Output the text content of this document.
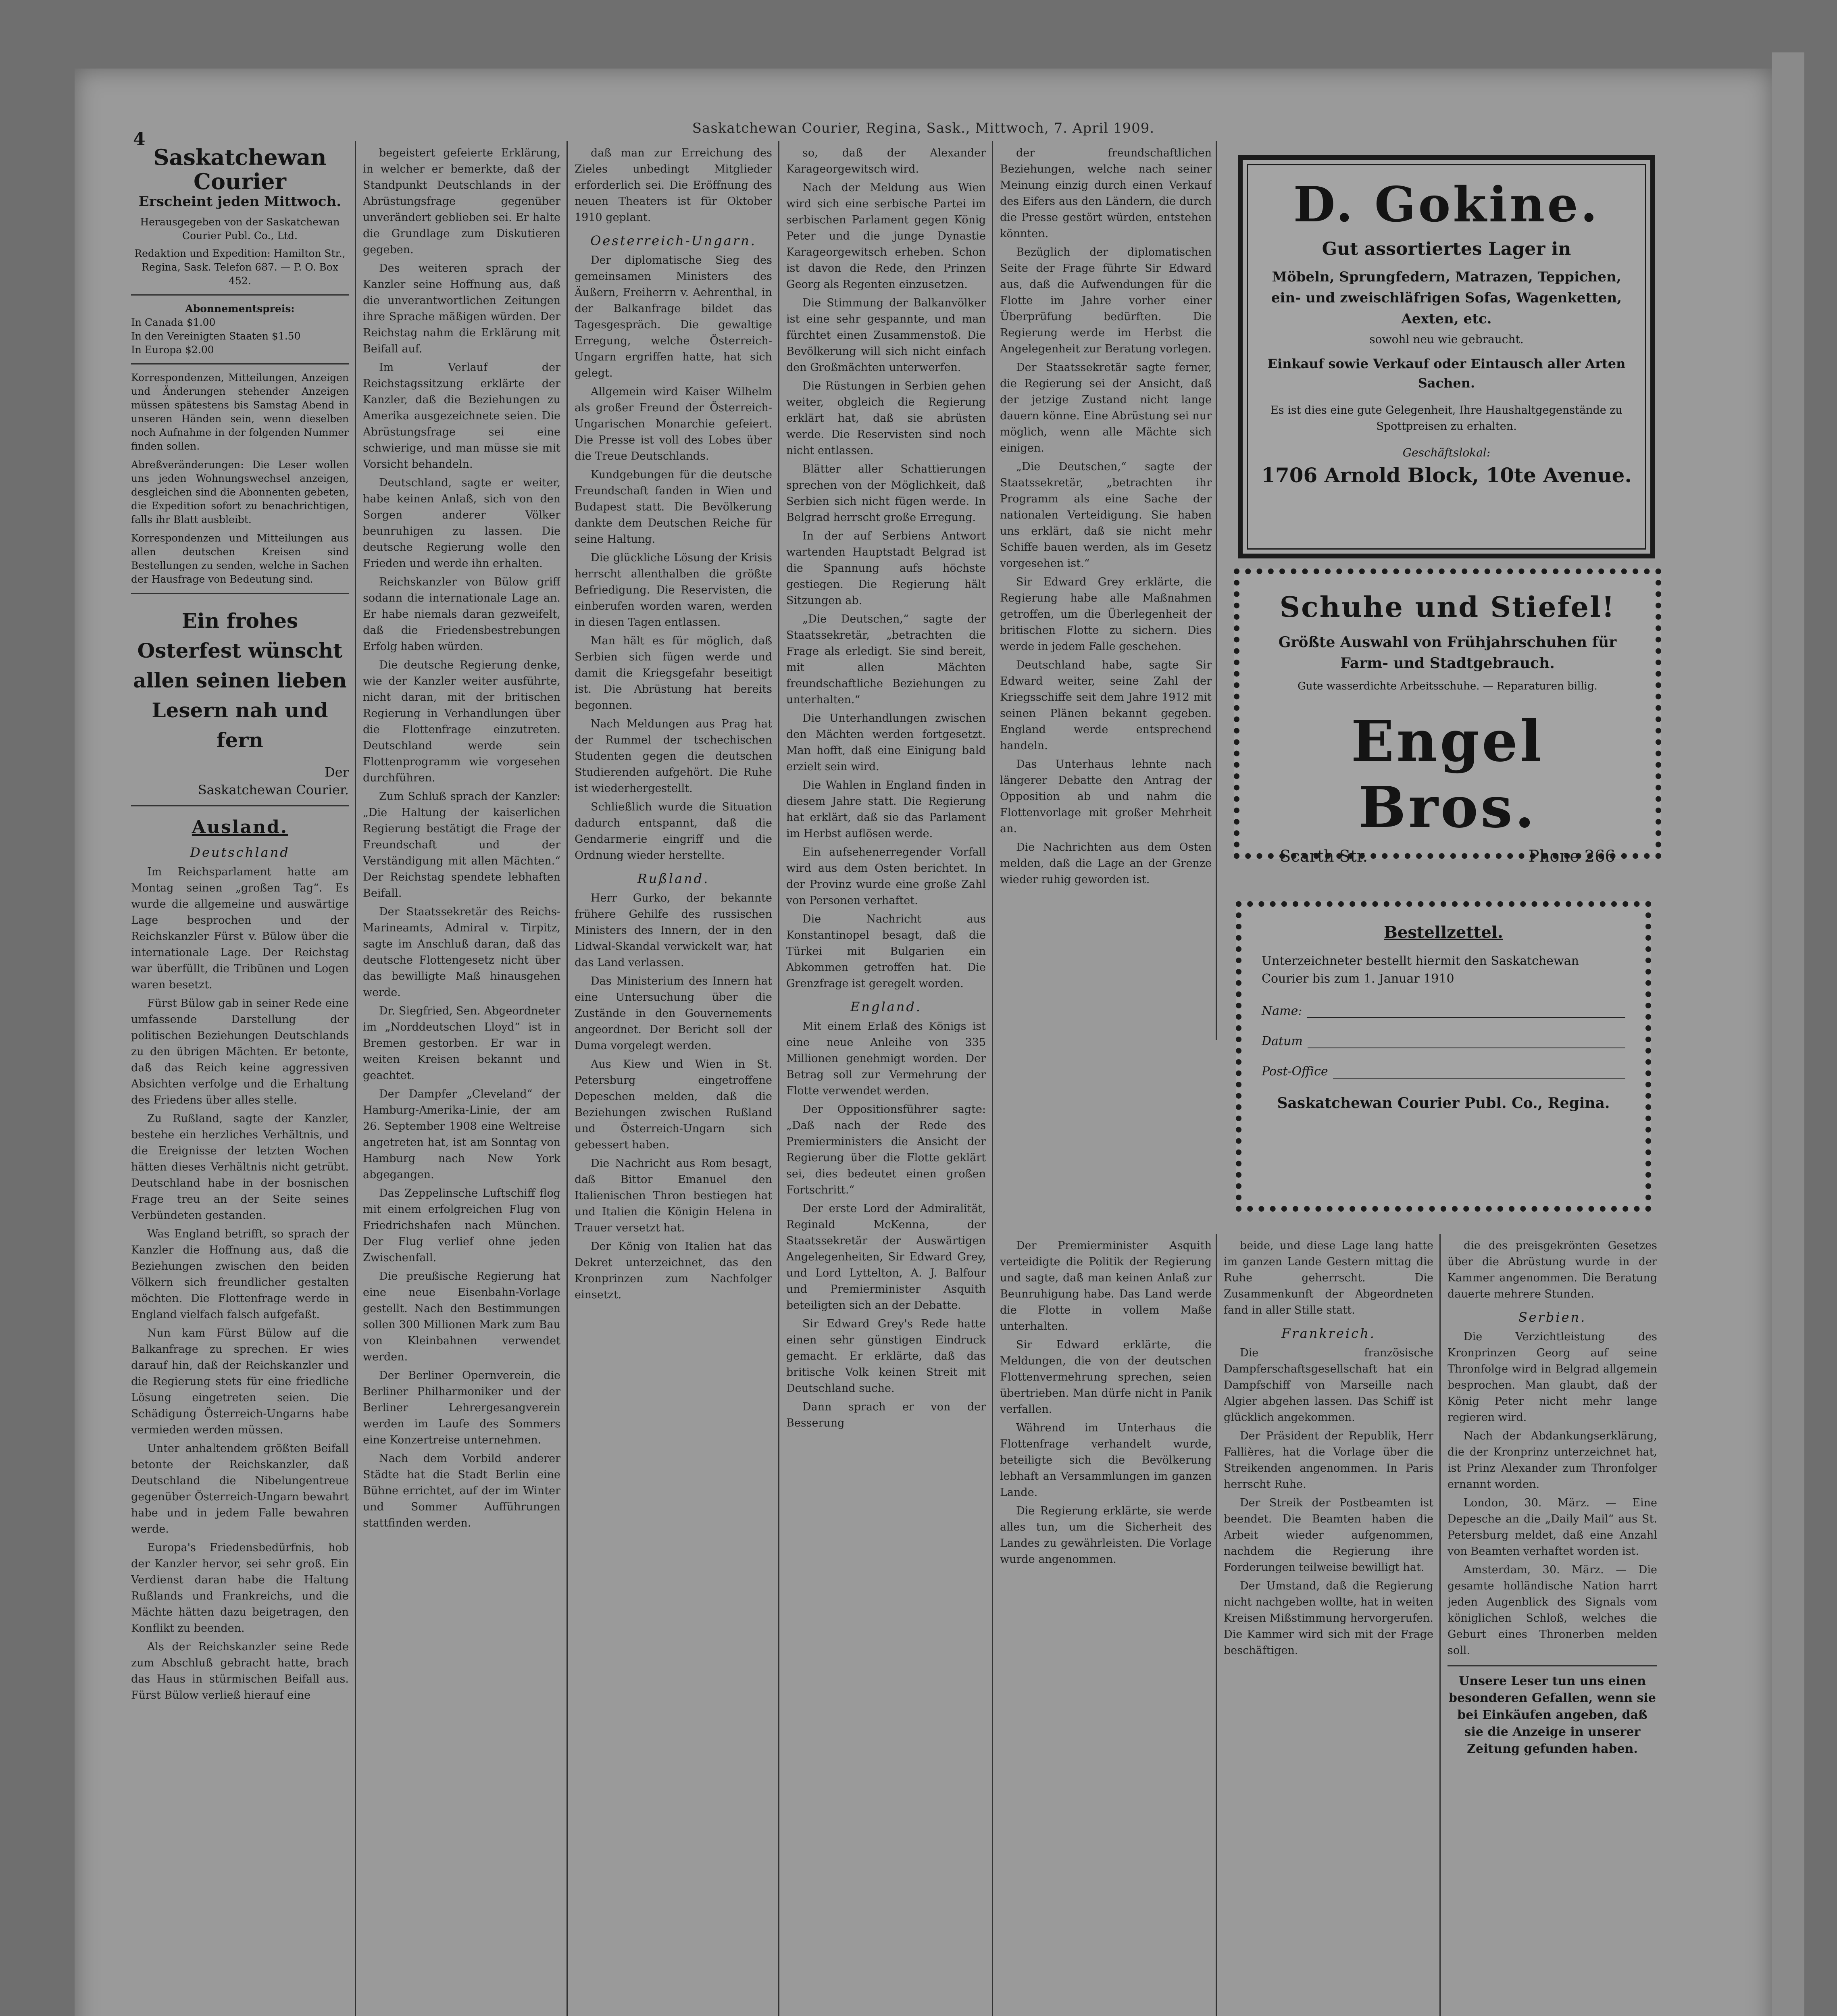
Saskatchewan Courier, Regina, Sask., Mittwoch, 7. April 1909.
4
Saskatchewan Courier
Erscheint jeden Mittwoch.
Herausgegeben von der Saskatchewan Courier Publ. Co., Ltd.
Redaktion und Expedition: Hamilton Str., Regina, Sask. Telefon 687. — P. O. Box 452.
Abonnementspreis:
In Canada $1.00
In den Vereinigten Staaten $1.50
In Europa $2.00
Korrespondenzen, Mitteilungen, Anzeigen und Änderungen stehender Anzeigen müssen spätestens bis Samstag Abend in unseren Händen sein, wenn dieselben noch Aufnahme in der folgenden Nummer finden sollen.
Abreßveränderungen: Die Leser wollen uns jeden Wohnungswechsel anzeigen, desgleichen sind die Abonnenten gebeten, die Expedition sofort zu benachrichtigen, falls ihr Blatt ausbleibt.
Korrespondenzen und Mitteilungen aus allen deutschen Kreisen sind Bestellungen zu senden, welche in Sachen der Hausfrage von Bedeutung sind.
Ein frohes Osterfest wünscht allen seinen lieben Lesern nah und fern
Der
Saskatchewan Courier.
Ausland.
Deutschland

Im Reichsparlament hatte am Montag seinen „großen Tag“. Es wurde die allgemeine und auswärtige Lage besprochen und der Reichskanzler Fürst v. Bülow über die internationale Lage. Der Reichstag war überfüllt, die Tribünen und Logen waren besetzt.

Fürst Bülow gab in seiner Rede eine umfassende Darstellung der politischen Beziehungen Deutschlands zu den übrigen Mächten. Er betonte, daß das Reich keine aggressiven Absichten verfolge und die Erhaltung des Friedens über alles stelle.

Zu Rußland, sagte der Kanzler, bestehe ein herzliches Verhältnis, und die Ereignisse der letzten Wochen hätten dieses Verhältnis nicht getrübt. Deutschland habe in der bosnischen Frage treu an der Seite seines Verbündeten gestanden.

Was England betrifft, so sprach der Kanzler die Hoffnung aus, daß die Beziehungen zwischen den beiden Völkern sich freundlicher gestalten möchten. Die Flottenfrage werde in England vielfach falsch aufgefaßt.

Nun kam Fürst Bülow auf die Balkanfrage zu sprechen. Er wies darauf hin, daß der Reichskanzler und die Regierung stets für eine friedliche Lösung eingetreten seien. Die Schädigung Österreich-Ungarns habe vermieden werden müssen.

Unter anhaltendem größten Beifall betonte der Reichskanzler, daß Deutschland die Nibelungentreue gegenüber Österreich-Ungarn bewahrt habe und in jedem Falle bewahren werde.

Europa's Friedensbedürfnis, hob der Kanzler hervor, sei sehr groß. Ein Verdienst daran habe die Haltung Rußlands und Frankreichs, und die Mächte hätten dazu beigetragen, den Konflikt zu beenden.

Als der Reichskanzler seine Rede zum Abschluß gebracht hatte, brach das Haus in stürmischen Beifall aus. Fürst Bülow verließ hierauf eine

begeistert gefeierte Erklärung, in welcher er bemerkte, daß der Standpunkt Deutschlands in der Abrüstungsfrage gegenüber unverändert geblieben sei. Er halte die Grundlage zum Diskutieren gegeben.

Des weiteren sprach der Kanzler seine Hoffnung aus, daß die unverantwortlichen Zeitungen ihre Sprache mäßigen würden. Der Reichstag nahm die Erklärung mit Beifall auf.

Im Verlauf der Reichstagssitzung erklärte der Kanzler, daß die Beziehungen zu Amerika ausgezeichnete seien. Die Abrüstungsfrage sei eine schwierige, und man müsse sie mit Vorsicht behandeln.

Deutschland, sagte er weiter, habe keinen Anlaß, sich von den Sorgen anderer Völker beunruhigen zu lassen. Die deutsche Regierung wolle den Frieden und werde ihn erhalten.

Reichskanzler von Bülow griff sodann die internationale Lage an. Er habe niemals daran gezweifelt, daß die Friedensbestrebungen Erfolg haben würden.

Die deutsche Regierung denke, wie der Kanzler weiter ausführte, nicht daran, mit der britischen Regierung in Verhandlungen über die Flottenfrage einzutreten. Deutschland werde sein Flottenprogramm wie vorgesehen durchführen.

Zum Schluß sprach der Kanzler: „Die Haltung der kaiserlichen Regierung bestätigt die Frage der Freundschaft und der Verständigung mit allen Mächten.“ Der Reichstag spendete lebhaften Beifall.

Der Staatssekretär des Reichs-Marineamts, Admiral v. Tirpitz, sagte im Anschluß daran, daß das deutsche Flottengesetz nicht über das bewilligte Maß hinausgehen werde.

Dr. Siegfried, Sen. Abgeordneter im „Norddeutschen Lloyd“ ist in Bremen gestorben. Er war in weiten Kreisen bekannt und geachtet.

Der Dampfer „Cleveland“ der Hamburg-Amerika-Linie, der am 26. September 1908 eine Weltreise angetreten hat, ist am Sonntag von Hamburg nach New York abgegangen.

Das Zeppelinsche Luftschiff flog mit einem erfolgreichen Flug von Friedrichshafen nach München. Der Flug verlief ohne jeden Zwischenfall.

Die preußische Regierung hat eine neue Eisenbahn-Vorlage gestellt. Nach den Bestimmungen sollen 300 Millionen Mark zum Bau von Kleinbahnen verwendet werden.

Der Berliner Opernverein, die Berliner Philharmoniker und der Berliner Lehrergesangverein werden im Laufe des Sommers eine Konzertreise unternehmen.

Nach dem Vorbild anderer Städte hat die Stadt Berlin eine Bühne errichtet, auf der im Winter und Sommer Aufführungen stattfinden werden.

daß man zur Erreichung des Zieles unbedingt Mitglieder erforderlich sei. Die Eröffnung des neuen Theaters ist für Oktober 1910 geplant.

Oesterreich-Ungarn.

Der diplomatische Sieg des gemeinsamen Ministers des Äußern, Freiherrn v. Aehrenthal, in der Balkanfrage bildet das Tagesgespräch. Die gewaltige Erregung, welche Österreich-Ungarn ergriffen hatte, hat sich gelegt.

Allgemein wird Kaiser Wilhelm als großer Freund der Österreich-Ungarischen Monarchie gefeiert. Die Presse ist voll des Lobes über die Treue Deutschlands.

Kundgebungen für die deutsche Freundschaft fanden in Wien und Budapest statt. Die Bevölkerung dankte dem Deutschen Reiche für seine Haltung.

Die glückliche Lösung der Krisis herrscht allenthalben die größte Befriedigung. Die Reservisten, die einberufen worden waren, werden in diesen Tagen entlassen.

Man hält es für möglich, daß Serbien sich fügen werde und damit die Kriegsgefahr beseitigt ist. Die Abrüstung hat bereits begonnen.

Nach Meldungen aus Prag hat der Rummel der tschechischen Studenten gegen die deutschen Studierenden aufgehört. Die Ruhe ist wiederhergestellt.

Schließlich wurde die Situation dadurch entspannt, daß die Gendarmerie eingriff und die Ordnung wieder herstellte.

Rußland.

Herr Gurko, der bekannte frühere Gehilfe des russischen Ministers des Innern, der in den Lidwal-Skandal verwickelt war, hat das Land verlassen.

Das Ministerium des Innern hat eine Untersuchung über die Zustände in den Gouvernements angeordnet. Der Bericht soll der Duma vorgelegt werden.

Aus Kiew und Wien in St. Petersburg eingetroffene Depeschen melden, daß die Beziehungen zwischen Rußland und Österreich-Ungarn sich gebessert haben.

Die Nachricht aus Rom besagt, daß Bittor Emanuel den Italienischen Thron bestiegen hat und Italien die Königin Helena in Trauer versetzt hat.

Der König von Italien hat das Dekret unterzeichnet, das den Kronprinzen zum Nachfolger einsetzt.

so, daß der Alexander Karageorgewitsch wird.

Nach der Meldung aus Wien wird sich eine serbische Partei im serbischen Parlament gegen König Peter und die junge Dynastie Karageorgewitsch erheben. Schon ist davon die Rede, den Prinzen Georg als Regenten einzusetzen.

Die Stimmung der Balkanvölker ist eine sehr gespannte, und man fürchtet einen Zusammenstoß. Die Bevölkerung will sich nicht einfach den Großmächten unterwerfen.

Die Rüstungen in Serbien gehen weiter, obgleich die Regierung erklärt hat, daß sie abrüsten werde. Die Reservisten sind noch nicht entlassen.

Blätter aller Schattierungen sprechen von der Möglichkeit, daß Serbien sich nicht fügen werde. In Belgrad herrscht große Erregung.

In der auf Serbiens Antwort wartenden Hauptstadt Belgrad ist die Spannung aufs höchste gestiegen. Die Regierung hält Sitzungen ab.

„Die Deutschen,“ sagte der Staatssekretär, „betrachten die Frage als erledigt. Sie sind bereit, mit allen Mächten freundschaftliche Beziehungen zu unterhalten.“

Die Unterhandlungen zwischen den Mächten werden fortgesetzt. Man hofft, daß eine Einigung bald erzielt sein wird.

Die Wahlen in England finden in diesem Jahre statt. Die Regierung hat erklärt, daß sie das Parlament im Herbst auflösen werde.

Ein aufsehenerregender Vorfall wird aus dem Osten berichtet. In der Provinz wurde eine große Zahl von Personen verhaftet.

Die Nachricht aus Konstantinopel besagt, daß die Türkei mit Bulgarien ein Abkommen getroffen hat. Die Grenzfrage ist geregelt worden.

England.

Mit einem Erlaß des Königs ist eine neue Anleihe von 335 Millionen genehmigt worden. Der Betrag soll zur Vermehrung der Flotte verwendet werden.

Der Oppositionsführer sagte: „Daß nach der Rede des Premierministers die Ansicht der Regierung über die Flotte geklärt sei, dies bedeutet einen großen Fortschritt.“

Der erste Lord der Admiralität, Reginald McKenna, der Staatssekretär der Auswärtigen Angelegenheiten, Sir Edward Grey, und Lord Lyttelton, A. J. Balfour und Premierminister Asquith beteiligten sich an der Debatte.

Sir Edward Grey's Rede hatte einen sehr günstigen Eindruck gemacht. Er erklärte, daß das britische Volk keinen Streit mit Deutschland suche.

Dann sprach er von der Besserung

der freundschaftlichen Beziehungen, welche nach seiner Meinung einzig durch einen Verkauf des Eifers aus den Ländern, die durch die Presse gestört würden, entstehen könnten.

Bezüglich der diplomatischen Seite der Frage führte Sir Edward aus, daß die Aufwendungen für die Flotte im Jahre vorher einer Überprüfung bedürften. Die Regierung werde im Herbst die Angelegenheit zur Beratung vorlegen.

Der Staatssekretär sagte ferner, die Regierung sei der Ansicht, daß der jetzige Zustand nicht lange dauern könne. Eine Abrüstung sei nur möglich, wenn alle Mächte sich einigen.

„Die Deutschen,“ sagte der Staatssekretär, „betrachten ihr Programm als eine Sache der nationalen Verteidigung. Sie haben uns erklärt, daß sie nicht mehr Schiffe bauen werden, als im Gesetz vorgesehen ist.“

Sir Edward Grey erklärte, die Regierung habe alle Maßnahmen getroffen, um die Überlegenheit der britischen Flotte zu sichern. Dies werde in jedem Falle geschehen.

Deutschland habe, sagte Sir Edward weiter, seine Zahl der Kriegsschiffe seit dem Jahre 1912 mit seinen Plänen bekannt gegeben. England werde entsprechend handeln.

Das Unterhaus lehnte nach längerer Debatte den Antrag der Opposition ab und nahm die Flottenvorlage mit großer Mehrheit an.

Die Nachrichten aus dem Osten melden, daß die Lage an der Grenze wieder ruhig geworden ist.

Der Premierminister Asquith verteidigte die Politik der Regierung und sagte, daß man keinen Anlaß zur Beunruhigung habe. Das Land werde die Flotte in vollem Maße unterhalten.

Sir Edward erklärte, die Meldungen, die von der deutschen Flottenvermehrung sprechen, seien übertrieben. Man dürfe nicht in Panik verfallen.

Während im Unterhaus die Flottenfrage verhandelt wurde, beteiligte sich die Bevölkerung lebhaft an Versammlungen im ganzen Lande.

Die Regierung erklärte, sie werde alles tun, um die Sicherheit des Landes zu gewährleisten. Die Vorlage wurde angenommen.

D. Gokine.
Gut assortiertes Lager in
Möbeln, Sprungfedern, Matrazen, Teppichen, ein- und zweischläfrigen Sofas, Wagenketten, Aexten, etc.
sowohl neu wie gebraucht.
Einkauf sowie Verkauf oder Eintausch aller Arten Sachen.
Es ist dies eine gute Gelegenheit, Ihre Haushaltgegenstände zu Spottpreisen zu erhalten.
Geschäftslokal:
1706 Arnold Block, 10te Avenue.
Schuhe und Stiefel!
Größte Auswahl von Frühjahrschuhen für Farm- und Stadtgebrauch.
Gute wasserdichte Arbeitsschuhe. — Reparaturen billig.
Engel Bros.
Scarth Str.	Phone 266
Bestellzettel.
Unterzeichneter bestellt hiermit den Saskatchewan Courier bis zum 1. Januar 1910
Name:
Datum
Post-Office
Saskatchewan Courier Publ. Co., Regina.

beide, und diese Lage lang hatte im ganzen Lande Gestern mittag die Ruhe geherrscht. Die Zusammenkunft der Abgeordneten fand in aller Stille statt.

Frankreich.

Die französische Dampferschaftsgesellschaft hat ein Dampfschiff von Marseille nach Algier abgehen lassen. Das Schiff ist glücklich angekommen.

Der Präsident der Republik, Herr Fallières, hat die Vorlage über die Streikenden angenommen. In Paris herrscht Ruhe.

Der Streik der Postbeamten ist beendet. Die Beamten haben die Arbeit wieder aufgenommen, nachdem die Regierung ihre Forderungen teilweise bewilligt hat.

Der Umstand, daß die Regierung nicht nachgeben wollte, hat in weiten Kreisen Mißstimmung hervorgerufen. Die Kammer wird sich mit der Frage beschäftigen.

die des preisgekrönten Gesetzes über die Abrüstung wurde in der Kammer angenommen. Die Beratung dauerte mehrere Stunden.

Serbien.

Die Verzichtleistung des Kronprinzen Georg auf seine Thronfolge wird in Belgrad allgemein besprochen. Man glaubt, daß der König Peter nicht mehr lange regieren wird.

Nach der Abdankungserklärung, die der Kronprinz unterzeichnet hat, ist Prinz Alexander zum Thronfolger ernannt worden.

London, 30. März. — Eine Depesche an die „Daily Mail“ aus St. Petersburg meldet, daß eine Anzahl von Beamten verhaftet worden ist.

Amsterdam, 30. März. — Die gesamte holländische Nation harrt jeden Augenblick des Signals vom königlichen Schloß, welches die Geburt eines Thronerben melden soll.

Unsere Leser tun uns einen besonderen Gefallen, wenn sie bei Einkäufen angeben, daß sie die Anzeige in unserer Zeitung gefunden haben.
